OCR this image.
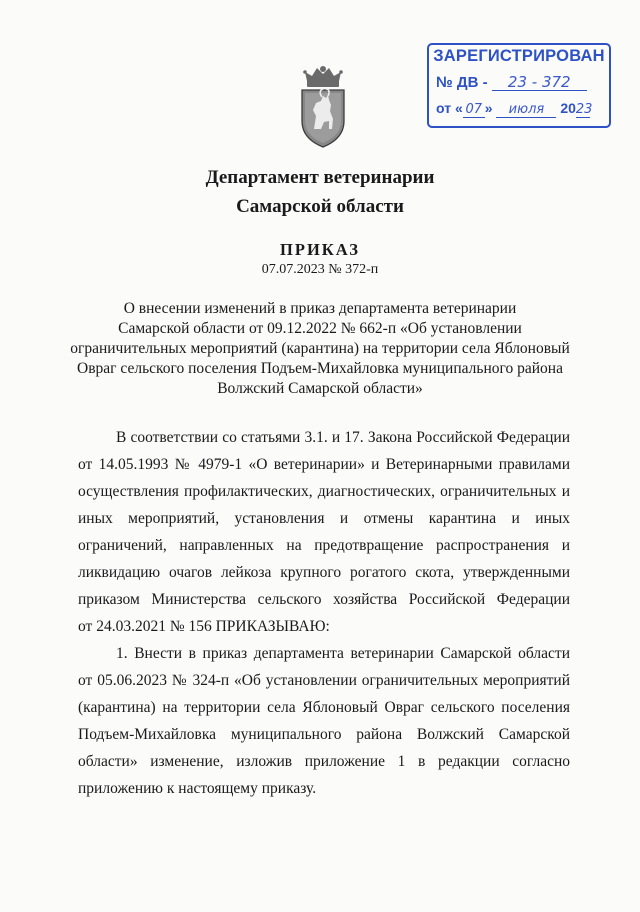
ЗАРЕГИСТРИРОВАН
№ ДВ - 23 - 372
от « 07 » июля 2023
Департамент ветеринарии
Самарской области
ПРИКАЗ
07.07.2023 № 372-п
О внесении изменений в приказ департамента ветеринарии
Самарской области от 09.12.2022 № 662-п «Об установлении
ограничительных мероприятий (карантина) на территории села Яблоновый
Овраг сельского поселения Подъем-Михайловка муниципального района
Волжский Самарской области»
В соответствии со статьями 3.1. и 17. Закона Российской Федерации
от 14.05.1993 № 4979-1 «О ветеринарии» и Ветеринарными правилами
осуществления профилактических, диагностических, ограничительных и
иных мероприятий, установления и отмены карантина и иных
ограничений, направленных на предотвращение распространения и
ликвидацию очагов лейкоза крупного рогатого скота, утвержденными
приказом Министерства сельского хозяйства Российской Федерации
от 24.03.2021 № 156 ПРИКАЗЫВАЮ:
1. Внести в приказ департамента ветеринарии Самарской области
от 05.06.2023 № 324-п «Об установлении ограничительных мероприятий
(карантина) на территории села Яблоновый Овраг сельского поселения
Подъем-Михайловка муниципального района Волжский Самарской
области» изменение, изложив приложение 1 в редакции согласно
приложению к настоящему приказу.
